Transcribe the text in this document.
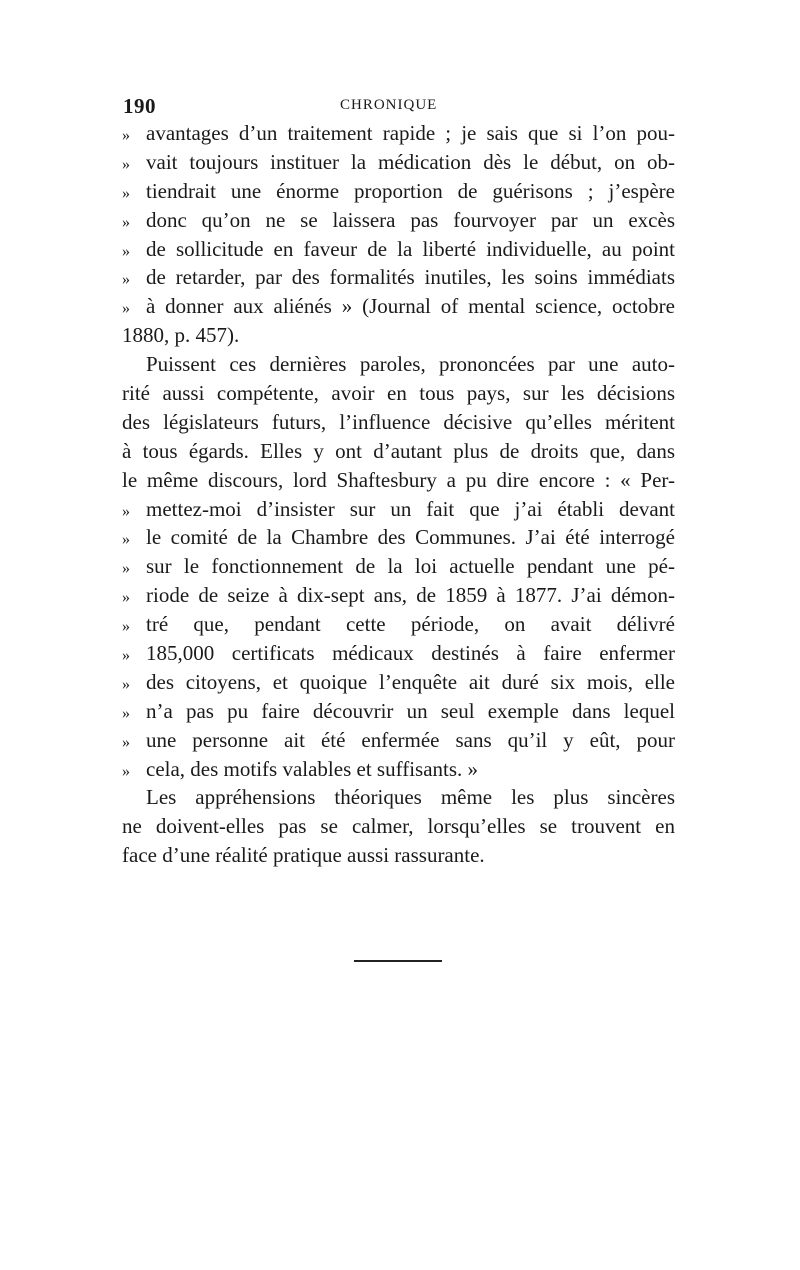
190	CHRONIQUE
» avantages d’un traitement rapide ; je sais que si l’on pou-
» vait toujours instituer la médication dès le début, on ob-
» tiendrait une énorme proportion de guérisons ; j’espère
» donc qu’on ne se laissera pas fourvoyer par un excès
» de sollicitude en faveur de la liberté individuelle, au point
» de retarder, par des formalités inutiles, les soins immédiats
» à donner aux aliénés » (Journal of mental science, octobre
1880, p. 457).
Puissent ces dernières paroles, prononcées par une auto-
rité aussi compétente, avoir en tous pays, sur les décisions
des législateurs futurs, l’influence décisive qu’elles méritent
à tous égards. Elles y ont d’autant plus de droits que, dans
le même discours, lord Shaftesbury a pu dire encore : « Per-
» mettez-moi d’insister sur un fait que j’ai établi devant
» le comité de la Chambre des Communes. J’ai été interrogé
» sur le fonctionnement de la loi actuelle pendant une pé-
» riode de seize à dix-sept ans, de 1859 à 1877. J’ai démon-
» tré que, pendant cette période, on avait délivré
» 185,000 certificats médicaux destinés à faire enfermer
» des citoyens, et quoique l’enquête ait duré six mois, elle
» n’a pas pu faire découvrir un seul exemple dans lequel
» une personne ait été enfermée sans qu’il y eût, pour
» cela, des motifs valables et suffisants. »
Les appréhensions théoriques même les plus sincères
ne doivent-elles pas se calmer, lorsqu’elles se trouvent en
face d’une réalité pratique aussi rassurante.
